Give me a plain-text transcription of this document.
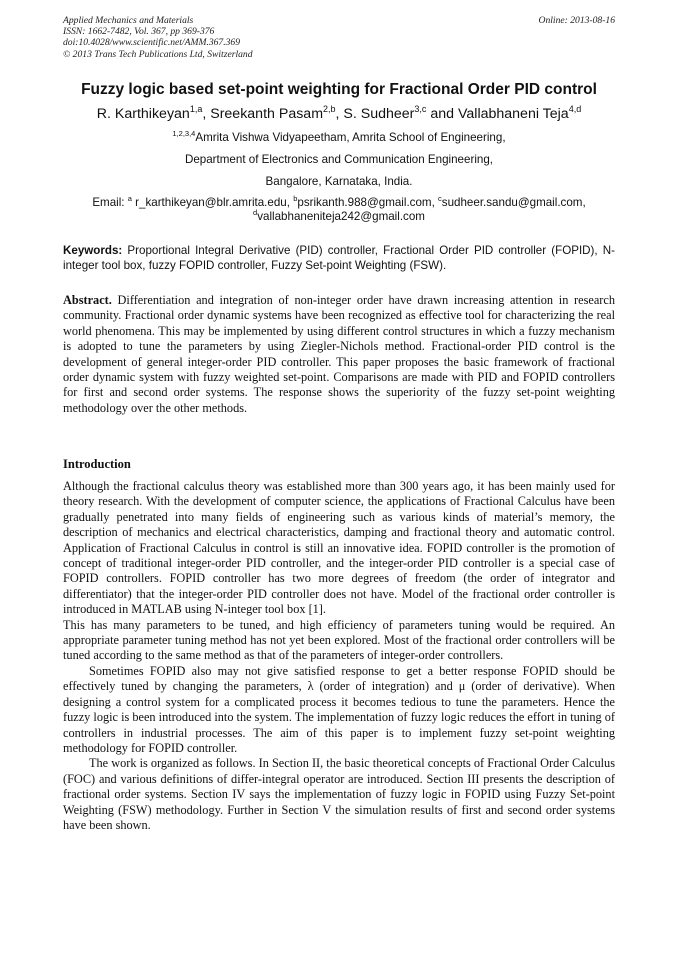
Applied Mechanics and Materials
ISSN: 1662-7482, Vol. 367, pp 369-376
doi:10.4028/www.scientific.net/AMM.367.369
© 2013 Trans Tech Publications Ltd, Switzerland
Online: 2013-08-16
Fuzzy logic based set-point weighting for Fractional Order PID control
R. Karthikeyan$^{1,a}$, Sreekanth Pasam$^{2,b}$, S. Sudheer$^{3,c}$ and Vallabhaneni Teja$^{4,d}$
$^{1,2,3,4}$Amrita Vishwa Vidyapeetham, Amrita School of Engineering,
Department of Electronics and Communication Engineering,
Bangalore, Karnataka, India.
Email: $^a$ r_karthikeyan@blr.amrita.edu, $^b$psrikanth.988@gmail.com, $^c$sudheer.sandu@gmail.com,
$^d$vallabhaneniteja242@gmail.com
Keywords: Proportional Integral Derivative (PID) controller, Fractional Order PID controller (FOPID), N-integer tool box, fuzzy FOPID controller, Fuzzy Set-point Weighting (FSW).
Abstract. Differentiation and integration of non-integer order have drawn increasing attention in research community. Fractional order dynamic systems have been recognized as effective tool for characterizing the real world phenomena. This may be implemented by using different control structures in which a fuzzy mechanism is adopted to tune the parameters by using Ziegler-Nichols method. Fractional-order PID control is the development of general integer-order PID controller. This paper proposes the basic framework of fractional order dynamic system with fuzzy weighted set-point. Comparisons are made with PID and FOPID controllers for first and second order systems. The response shows the superiority of the fuzzy set-point weighting methodology over the other methods.
Introduction

Although the fractional calculus theory was established more than 300 years ago, it has been mainly used for theory research. With the development of computer science, the applications of Fractional Calculus have been gradually penetrated into many fields of engineering such as various kinds of material’s memory, the description of mechanics and electrical characteristics, damping and fractional theory and automatic control. Application of Fractional Calculus in control is still an innovative idea. FOPID controller is the promotion of concept of traditional integer-order PID controller, and the integer-order PID controller is a special case of FOPID controllers. FOPID controller has two more degrees of freedom (the order of integrator and differentiator) that the integer-order PID controller does not have. Model of the fractional order controller is introduced in MATLAB using N-integer tool box [1].

This has many parameters to be tuned, and high efficiency of parameters tuning would be required. An appropriate parameter tuning method has not yet been explored. Most of the fractional order controllers will be tuned according to the same method as that of the parameters of integer-order controllers.

Sometimes FOPID also may not give satisfied response to get a better response FOPID should be effectively tuned by changing the parameters, λ (order of integration) and μ (order of derivative). When designing a control system for a complicated process it becomes tedious to tune the parameters. Hence the fuzzy logic is been introduced into the system. The implementation of fuzzy logic reduces the effort in tuning of controllers in industrial processes. The aim of this paper is to implement fuzzy set-point weighting methodology for FOPID controller.

The work is organized as follows. In Section II, the basic theoretical concepts of Fractional Order Calculus (FOC) and various definitions of differ-integral operator are introduced. Section III presents the description of fractional order systems. Section IV says the implementation of fuzzy logic in FOPID using Fuzzy Set-point Weighting (FSW) methodology. Further in Section V the simulation results of first and second order systems have been shown.
